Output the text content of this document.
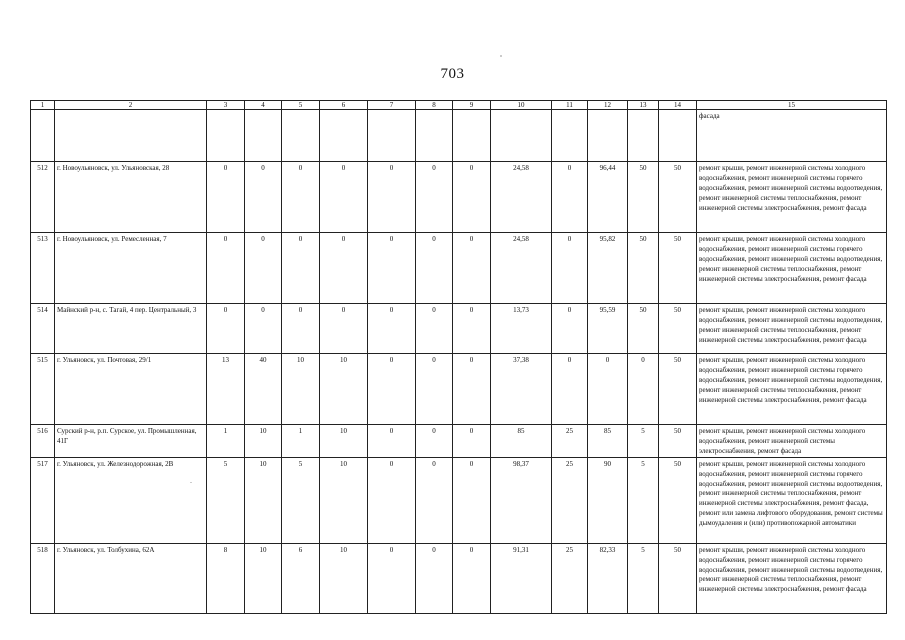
703
1	2	3	4	5	6	7	8	9	10	11	12	13	14	15
														фасада
512	г. Новоульяновск, ул. Ульяновская, 28	0	0	0	0	0	0	0	24,58	0	96,44	50	50	ремонт крыши, ремонт инженерной системы холодного водоснабжения, ремонт инженерной системы горячего водоснабжения, ремонт инженерной системы водоотведения, ремонт инженерной системы теплоснабжения, ремонт инженерной системы электроснабжения, ремонт фасада
513	г. Новоульяновск, ул. Ремесленная, 7	0	0	0	0	0	0	0	24,58	0	95,82	50	50	ремонт крыши, ремонт инженерной системы холодного водоснабжения, ремонт инженерной системы горячего водоснабжения, ремонт инженерной системы водоотведения, ремонт инженерной системы теплоснабжения, ремонт инженерной системы электроснабжения, ремонт фасада
514	Майнский р-н, с. Тагай, 4 пер. Центральный, 3	0	0	0	0	0	0	0	13,73	0	95,59	50	50	ремонт крыши, ремонт инженерной системы холодного водоснабжения, ремонт инженерной системы водоотведения, ремонт инженерной системы теплоснабжения, ремонт инженерной системы электроснабжения, ремонт фасада
515	г. Ульяновск, ул. Почтовая, 29/1	13	40	10	10	0	0	0	37,38	0	0	0	50	ремонт крыши, ремонт инженерной системы холодного водоснабжения, ремонт инженерной системы горячего водоснабжения, ремонт инженерной системы водоотведения, ремонт инженерной системы теплоснабжения, ремонт инженерной системы электроснабжения, ремонт фасада
516	Сурский р-н, р.п. Сурское, ул. Промышленная, 41Г	1	10	1	10	0	0	0	85	25	85	5	50	ремонт крыши, ремонт инженерной системы холодного водоснабжения, ремонт инженерной системы электроснабжения, ремонт фасада
517	г. Ульяновск, ул. Железнодорожная, 2В	5	10	5	10	0	0	0	98,37	25	90	5	50	ремонт крыши, ремонт инженерной системы холодного водоснабжения, ремонт инженерной системы горячего водоснабжения, ремонт инженерной системы водоотведения, ремонт инженерной системы теплоснабжения, ремонт инженерной системы электроснабжения, ремонт фасада, ремонт или замена лифтового оборудования, ремонт системы дымоудаления и (или) противопожарной автоматики
518	г. Ульяновск, ул. Толбухина, 62А	8	10	6	10	0	0	0	91,31	25	82,33	5	50	ремонт крыши, ремонт инженерной системы холодного водоснабжения, ремонт инженерной системы горячего водоснабжения, ремонт инженерной системы водоотведения, ремонт инженерной системы теплоснабжения, ремонт инженерной системы электроснабжения, ремонт фасада
